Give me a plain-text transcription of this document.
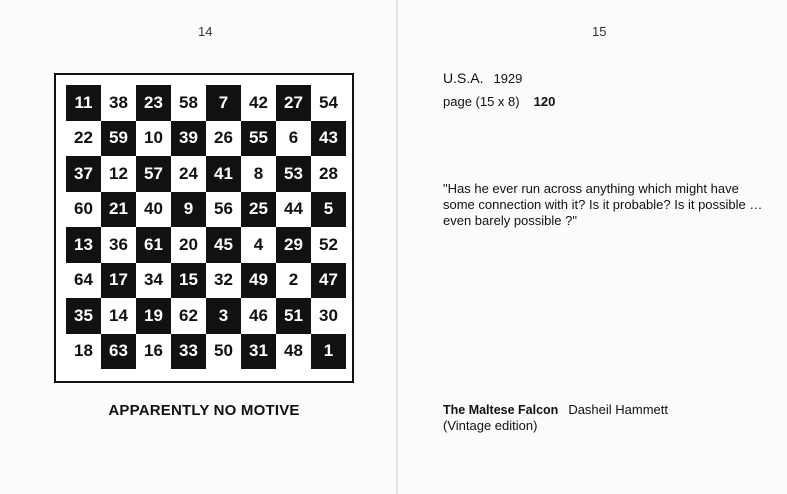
14
11 38 23 58	7	42 27 54
22 59 10 39 26 55	6	43
37 12 57 24 41	8	53 28
60 21 40	9	56 25 44	5
13 36 61 20 45	4	29 52
64 17 34 15 32 49	2	47
35 14 19 62	3	46 51 30
18 63 16 33 50 31 48	1
APPARENTLY NO MOTIVE
15
U.S.A. 1929
page (15 x 8) 120
"Has he ever run across anything which might have some connection with it? Is it probable? Is it possible … even barely possible ?"
The Maltese Falcon Dasheil Hammett
(Vintage edition)
